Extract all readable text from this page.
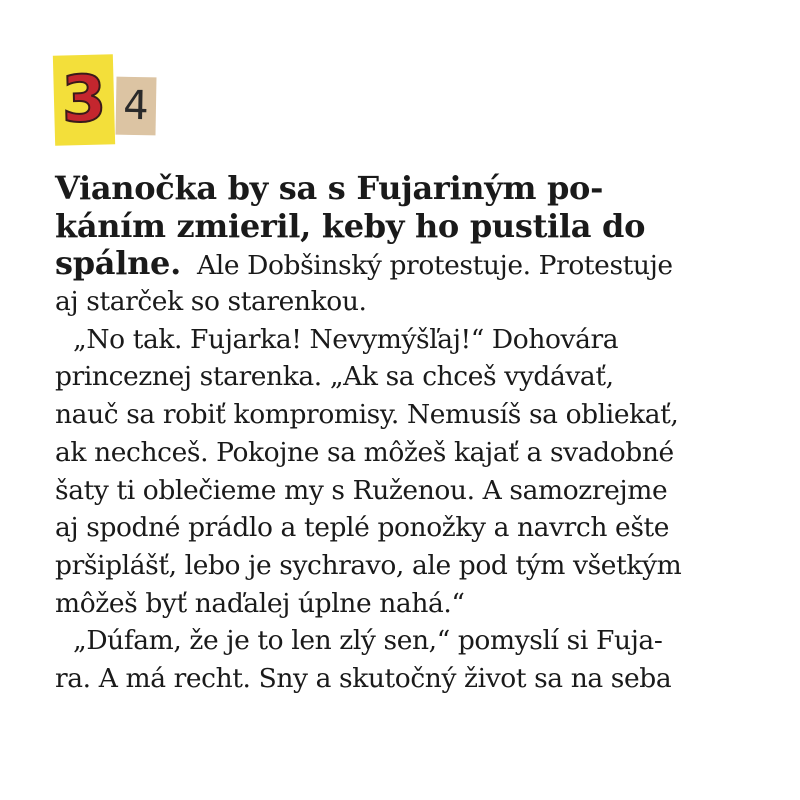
3 4
Vianočka by sa s Fujariným po-
káním zmieril, keby ho pustila do
spálne. Ale Dobšinský protestuje. Protestuje
aj starček so starenkou.
„No tak. Fujarka! Nevymýšľaj!“ Dohovára
princeznej starenka. „Ak sa chceš vydávať,
nauč sa robiť kompromisy. Nemusíš sa obliekať,
ak nechceš. Pokojne sa môžeš kajať a svadobné
šaty ti oblečieme my s Ruženou. A samozrejme
aj spodné prádlo a teplé ponožky a navrch ešte
pršiplášť, lebo je sychravo, ale pod tým všetkým
môžeš byť naďalej úplne nahá.“
„Dúfam, že je to len zlý sen,“ pomyslí si Fuja-
ra. A má recht. Sny a skutočný život sa na seba
